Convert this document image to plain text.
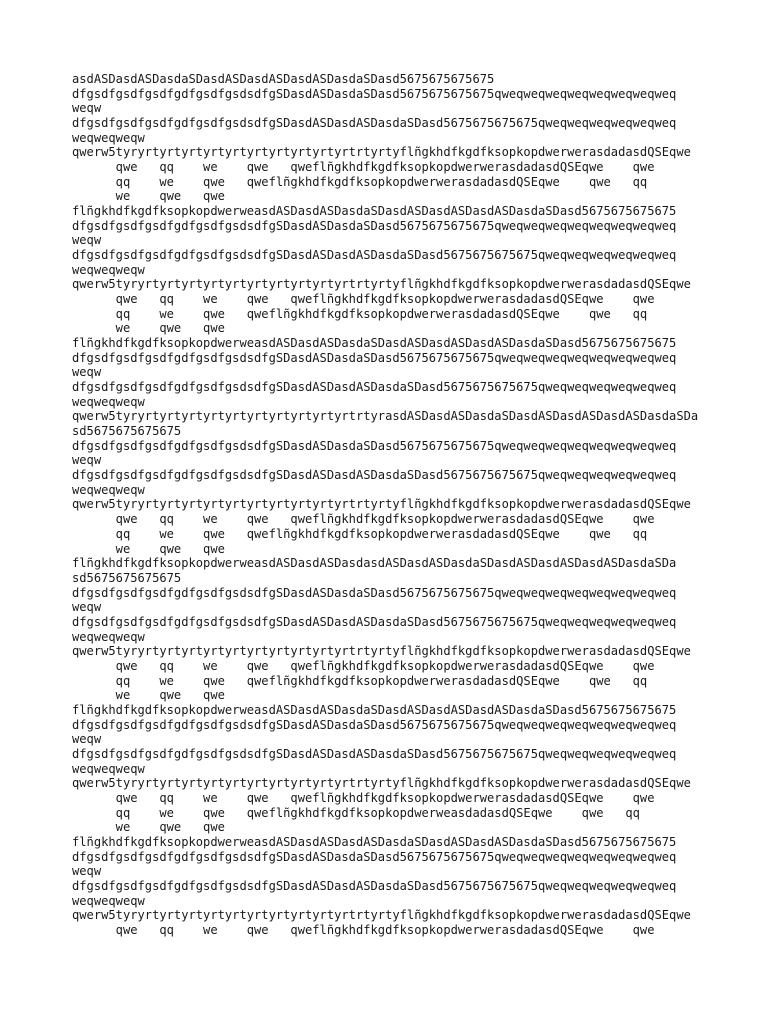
asdASDasdASDasdaSDasdASDasdASDasdASDasdaSDasd5675675675675
dfgsdfgsdfgsdfgdfgsdfgsdsdfgSDasdASDasdaSDasd5675675675675qweqweqweqweqweqweqweqweq
weqw
dfgsdfgsdfgsdfgdfgsdfgsdsdfgSDasdASDasdASDasdaSDasd5675675675675qweqweqweqweqweqweq
weqweqweqw
qwerw5tyryrtyrtyrtyrtyrtyrtyrtyrtyrtyrtrtyrtyflñgkhdfkgdfksopkopdwerwerasdadasdQSEqwe
qwe   qq    we    qwe   qweflñgkhdfkgdfksopkopdwerwerasdadasdQSEqwe    qwe
qq    we    qwe   qweflñgkhdfkgdfksopkopdwerwerasdadasdQSEqwe    qwe   qq
we    qwe   qwe
flñgkhdfkgdfksopkopdwerweasdASDasdASDasdaSDasdASDasdASDasdASDasdaSDasd5675675675675
dfgsdfgsdfgsdfgdfgsdfgsdsdfgSDasdASDasdaSDasd5675675675675qweqweqweqweqweqweqweqweq
weqw
dfgsdfgsdfgsdfgdfgsdfgsdsdfgSDasdASDasdASDasdaSDasd5675675675675qweqweqweqweqweqweq
weqweqweqw
qwerw5tyryrtyrtyrtyrtyrtyrtyrtyrtyrtyrtrtyrtyflñgkhdfkgdfksopkopdwerwerasdadasdQSEqwe
qwe   qq    we    qwe   qweflñgkhdfkgdfksopkopdwerwerasdadasdQSEqwe    qwe
qq    we    qwe   qweflñgkhdfkgdfksopkopdwerwerasdadasdQSEqwe    qwe   qq
we    qwe   qwe
flñgkhdfkgdfksopkopdwerweasdASDasdASDasdaSDasdASDasdASDasdASDasdaSDasd5675675675675
dfgsdfgsdfgsdfgdfgsdfgsdsdfgSDasdASDasdaSDasd5675675675675qweqweqweqweqweqweqweqweq
weqw
dfgsdfgsdfgsdfgdfgsdfgsdsdfgSDasdASDasdASDasdaSDasd5675675675675qweqweqweqweqweqweq
weqweqweqw
qwerw5tyryrtyrtyrtyrtyrtyrtyrtyrtyrtyrtrtyrasdASDasdASDasdaSDasdASDasdASDasdASDasdaSDa
sd5675675675675
dfgsdfgsdfgsdfgdfgsdfgsdsdfgSDasdASDasdaSDasd5675675675675qweqweqweqweqweqweqweqweq
weqw
dfgsdfgsdfgsdfgdfgsdfgsdsdfgSDasdASDasdASDasdaSDasd5675675675675qweqweqweqweqweqweq
weqweqweqw
qwerw5tyryrtyrtyrtyrtyrtyrtyrtyrtyrtyrtrtyrtyflñgkhdfkgdfksopkopdwerwerasdadasdQSEqwe
qwe   qq    we    qwe   qweflñgkhdfkgdfksopkopdwerwerasdadasdQSEqwe    qwe
qq    we    qwe   qweflñgkhdfkgdfksopkopdwerwerasdadasdQSEqwe    qwe   qq
we    qwe   qwe
flñgkhdfkgdfksopkopdwerweasdASDasdASDasdasdASDasdASDasdaSDasdASDasdASDasdASDasdaSDa
sd5675675675675
dfgsdfgsdfgsdfgdfgsdfgsdsdfgSDasdASDasdaSDasd5675675675675qweqweqweqweqweqweqweqweq
weqw
dfgsdfgsdfgsdfgdfgsdfgsdsdfgSDasdASDasdASDasdaSDasd5675675675675qweqweqweqweqweqweq
weqweqweqw
qwerw5tyryrtyrtyrtyrtyrtyrtyrtyrtyrtyrtrtyrtyflñgkhdfkgdfksopkopdwerwerasdadasdQSEqwe
qwe   qq    we    qwe   qweflñgkhdfkgdfksopkopdwerwerasdadasdQSEqwe    qwe
qq    we    qwe   qweflñgkhdfkgdfksopkopdwerwerasdadasdQSEqwe    qwe   qq
we    qwe   qwe
flñgkhdfkgdfksopkopdwerweasdASDasdASDasdaSDasdASDasdASDasdASDasdaSDasd5675675675675
dfgsdfgsdfgsdfgdfgsdfgsdsdfgSDasdASDasdaSDasd5675675675675qweqweqweqweqweqweqweqweq
weqw
dfgsdfgsdfgsdfgdfgsdfgsdsdfgSDasdASDasdASDasdaSDasd5675675675675qweqweqweqweqweqweq
weqweqweqw
qwerw5tyryrtyrtyrtyrtyrtyrtyrtyrtyrtyrtrtyrtyflñgkhdfkgdfksopkopdwerwerasdadasdQSEqwe
qwe   qq    we    qwe   qweflñgkhdfkgdfksopkopdwerwerasdadasdQSEqwe    qwe
qq    we    qwe   qweflñgkhdfkgdfksopkopdwerweasdadasdQSEqwe    qwe   qq
we    qwe   qwe
flñgkhdfkgdfksopkopdwerweasdASDasdASDasdASDasdaSDasdASDasdASDasdaSDasd5675675675675
dfgsdfgsdfgsdfgdfgsdfgsdsdfgSDasdASDasdaSDasd5675675675675qweqweqweqweqweqweqweqweq
weqw
dfgsdfgsdfgsdfgdfgsdfgsdsdfgSDasdASDasdASDasdaSDasd5675675675675qweqweqweqweqweqweq
weqweqweqw
qwerw5tyryrtyrtyrtyrtyrtyrtyrtyrtyrtyrtrtyrtyflñgkhdfkgdfksopkopdwerwerasdadasdQSEqwe
qwe   qq    we    qwe   qweflñgkhdfkgdfksopkopdwerwerasdadasdQSEqwe    qwe
